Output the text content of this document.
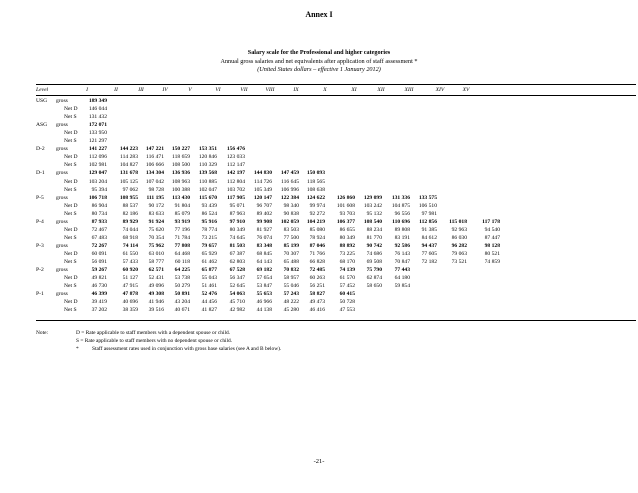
Annex I
Salary scale for the Professional and higher categories
Annual gross salaries and net equivalents after application of staff assessment *
(United States dollars – effective 1 January 2012)
Level	I	II	III	IV	V	VI	VII	VIII	IX	X	XI	XII	XIII	XIV	XV
USG gross	189 349
Net D	146 044
Net S	131 432
ASG gross	172 071
Net D	133 950
Net S	121 297
D-2 gross	141 227	144 223	147 221	150 227	153 351	156 476
Net D	112 096	114 283	116 471	118 659	120 846	123 033
Net S	102 981	104 827	106 666	108 500	110 329	112 147
D-1 gross	129 047	131 678	134 304	136 936	139 568	142 197	144 830	147 459	150 093
Net D	103 204	105 125	107 042	108 963	110 885	112 804	114 726	116 645	118 565
Net S	95 394	97 062	98 728	100 388	102 047	103 702	105 349	106 996	108 638
P-5 gross	106 718	108 955	111 195	113 430	115 670	117 905	120 147	122 384	124 622	126 860	129 099	131 336	133 575
Net D	86 904	88 537	90 172	91 804	93 439	95 071	96 707	98 340	99 974	101 608	103 242	104 875	106 510
Net S	80 734	82 186	83 633	85 079	86 524	87 963	89 402	90 838	92 272	93 703	95 132	96 556	97 981
P-4 gross	87 933	89 929	91 924	93 919	95 916	97 910	99 908	102 059	104 219	106 377	108 540	110 696	112 856	115 018	117 178
Net D	72 467	74 044	75 620	77 196	78 774	80 349	81 927	83 503	85 080	86 655	88 234	89 808	91 385	92 963	94 540
Net S	67 483	68 918	70 354	71 784	73 215	74 645	76 074	77 500	78 924	80 349	81 770	83 191	84 612	86 030	87 447
P-3 gross	72 267	74 114	75 962	77 808	79 657	81 503	83 348	85 199	87 046	88 892	90 742	92 586	94 437	96 282	98 128
Net D	60 091	61 550	63 010	64 468	65 929	67 387	68 845	70 307	71 766	73 225	74 686	76 143	77 605	79 063	80 521
Net S	56 091	57 433	58 777	60 118	61 462	62 803	64 143	65 488	66 828	68 170	69 508	70 847	72 182	73 521	74 859
P-2 gross	59 267	60 920	62 571	64 225	65 877	67 528	69 182	70 832	72 485	74 139	75 790	77 443
Net D	49 821	51 127	52 431	53 738	55 043	56 347	57 654	58 957	60 263	61 570	62 874	64 180
Net S	46 730	47 915	49 096	50 279	51 461	52 645	53 847	55 046	56 251	57 452	58 650	59 854
P-1 gross	46 399	47 878	49 308	50 891	52 476	54 063	55 653	57 243	58 827	60 415
Net D	39 419	40 696	41 946	43 204	44 456	45 710	46 966	48 222	49 473	50 728
Net S	37 202	38 359	39 516	40 671	41 827	42 982	44 138	45 280	46 416	47 553
Note:	D = Rate applicable to staff members with a dependent spouse or child.
S = Rate applicable to staff members with no dependent spouse or child.
* Staff assessment rates used in conjunction with gross base salaries (see A and B below).
-21-
